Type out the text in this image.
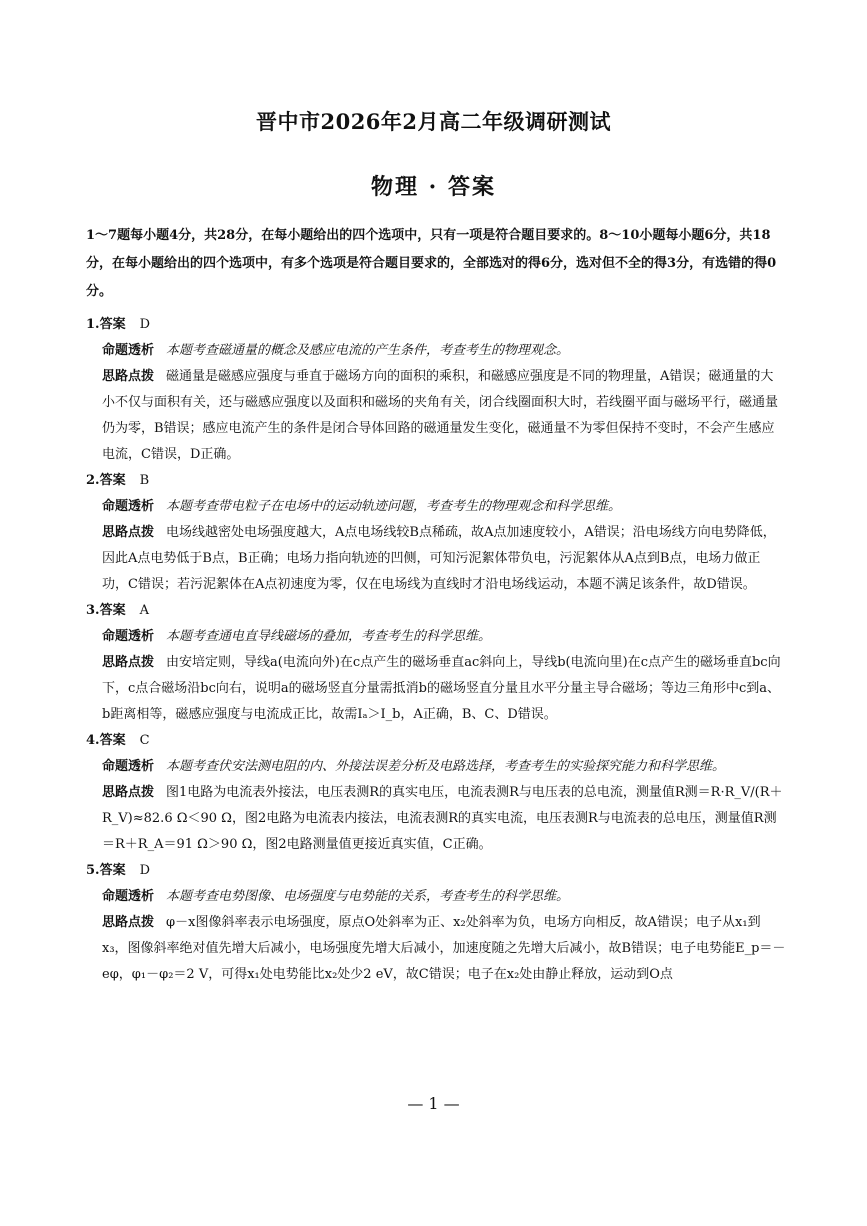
晋中市2026年2月高二年级调研测试
物理 · 答案
1～7题每小题4分，共28分，在每小题给出的四个选项中，只有一项是符合题目要求的。8～10小题每小题6分，共18分，在每小题给出的四个选项中，有多个选项是符合题目要求的，全部选对的得6分，选对但不全的得3分，有选错的得0分。
1.答案 D
命题透析 本题考查磁通量的概念及感应电流的产生条件，考查考生的物理观念。
思路点拨 磁通量是磁感应强度与垂直于磁场方向的面积的乘积，和磁感应强度是不同的物理量，A错误；磁通量的大小不仅与面积有关，还与磁感应强度以及面积和磁场的夹角有关，闭合线圈面积大时，若线圈平面与磁场平行，磁通量仍为零，B错误；感应电流产生的条件是闭合导体回路的磁通量发生变化，磁通量不为零但保持不变时，不会产生感应电流，C错误，D正确。
2.答案 B
命题透析 本题考查带电粒子在电场中的运动轨迹问题，考查考生的物理观念和科学思维。
思路点拨 电场线越密处电场强度越大，A点电场线较B点稀疏，故A点加速度较小，A错误；沿电场线方向电势降低，因此A点电势低于B点，B正确；电场力指向轨迹的凹侧，可知污泥絮体带负电，污泥絮体从A点到B点，电场力做正功，C错误；若污泥絮体在A点初速度为零，仅在电场线为直线时才沿电场线运动，本题不满足该条件，故D错误。
3.答案 A
命题透析 本题考查通电直导线磁场的叠加，考查考生的科学思维。
思路点拨 由安培定则，导线a(电流向外)在c点产生的磁场垂直ac斜向上，导线b(电流向里)在c点产生的磁场垂直bc向下，c点合磁场沿bc向右，说明a的磁场竖直分量需抵消b的磁场竖直分量且水平分量主导合磁场；等边三角形中c到a、b距离相等，磁感应强度与电流成正比，故需Iₐ＞I_b，A正确，B、C、D错误。
4.答案 C
命题透析 本题考查伏安法测电阻的内、外接法误差分析及电路选择，考查考生的实验探究能力和科学思维。
思路点拨 图1电路为电流表外接法，电压表测R的真实电压，电流表测R与电压表的总电流，测量值R测＝R·R_V/(R＋R_V)≈82.6 Ω＜90 Ω，图2电路为电流表内接法，电流表测R的真实电流，电压表测R与电流表的总电压，测量值R测＝R＋R_A＝91 Ω＞90 Ω，图2电路测量值更接近真实值，C正确。
5.答案 D
命题透析 本题考查电势图像、电场强度与电势能的关系，考查考生的科学思维。
思路点拨 φ－x图像斜率表示电场强度，原点O处斜率为正、x₂处斜率为负，电场方向相反，故A错误；电子从x₁到x₃，图像斜率绝对值先增大后减小，电场强度先增大后减小，加速度随之先增大后减小，故B错误；电子电势能E_p＝－eφ，φ₁－φ₂＝2 V，可得x₁处电势能比x₂处少2 eV，故C错误；电子在x₂处由静止释放，运动到O点
— 1 —
